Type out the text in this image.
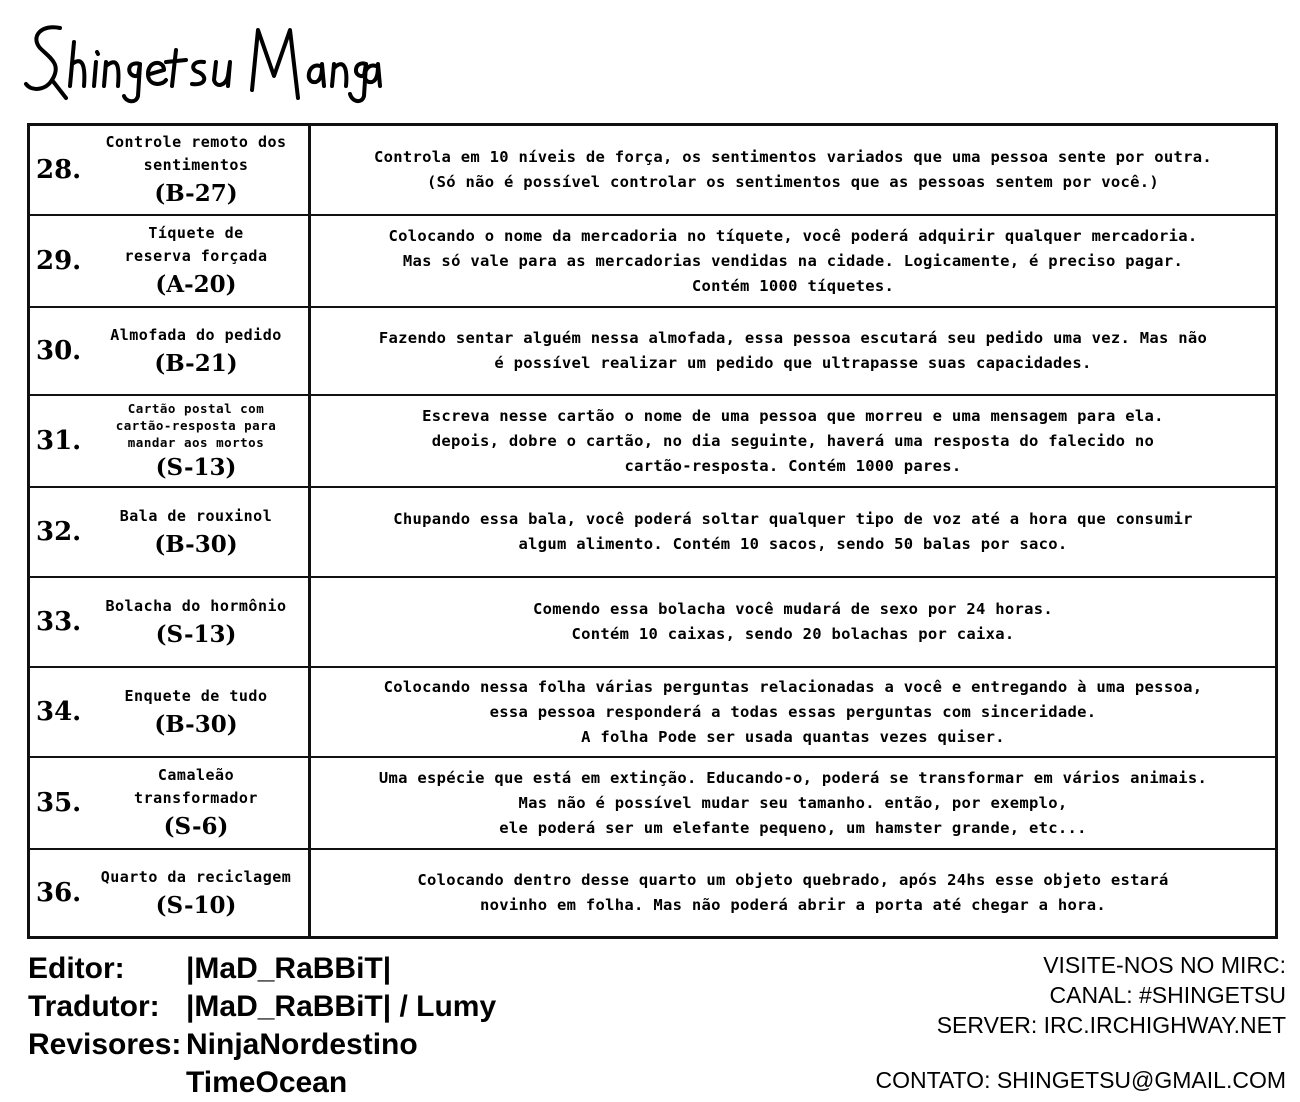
28.
Controle remoto dos
sentimentos
(B-27)
Controla em 10 níveis de força, os sentimentos variados que uma pessoa sente por outra.
(Só não é possível controlar os sentimentos que as pessoas sentem por você.)
29.
Tíquete de
reserva forçada
(A-20)
Colocando o nome da mercadoria no tíquete, você poderá adquirir qualquer mercadoria.
Mas só vale para as mercadorias vendidas na cidade. Logicamente, é preciso pagar.
Contém 1000 tíquetes.
30.
Almofada do pedido
(B-21)
Fazendo sentar alguém nessa almofada, essa pessoa escutará seu pedido uma vez. Mas não
é possível realizar um pedido que ultrapasse suas capacidades.
31.
Cartão postal com
cartão-resposta para
mandar aos mortos
(S-13)
Escreva nesse cartão o nome de uma pessoa que morreu e uma mensagem para ela.
depois, dobre o cartão, no dia seguinte, haverá uma resposta do falecido no
cartão-resposta. Contém 1000 pares.
32.
Bala de rouxinol
(B-30)
Chupando essa bala, você poderá soltar qualquer tipo de voz até a hora que consumir
algum alimento. Contém 10 sacos, sendo 50 balas por saco.
33.
Bolacha do hormônio
(S-13)
Comendo essa bolacha você mudará de sexo por 24 horas.
Contém 10 caixas, sendo 20 bolachas por caixa.
34.
Enquete de tudo
(B-30)
Colocando nessa folha várias perguntas relacionadas a você e entregando à uma pessoa,
essa pessoa responderá a todas essas perguntas com sinceridade.
A folha Pode ser usada quantas vezes quiser.
35.
Camaleão
transformador
(S-6)
Uma espécie que está em extinção. Educando-o, poderá se transformar em vários animais.
Mas não é possível mudar seu tamanho. então, por exemplo,
ele poderá ser um elefante pequeno, um hamster grande, etc...
36.
Quarto da reciclagem
(S-10)
Colocando dentro desse quarto um objeto quebrado, após 24hs esse objeto estará
novinho em folha. Mas não poderá abrir a porta até chegar a hora.
Editor: |MaD_RaBBiT|
Tradutor: |MaD_RaBBiT| / Lumy
Revisores: NinjaNordestino
TimeOcean
VISITE-NOS NO MIRC:
CANAL: #SHINGETSU
SERVER: IRC.IRCHIGHWAY.NET
CONTATO: SHINGETSU@GMAIL.COM
